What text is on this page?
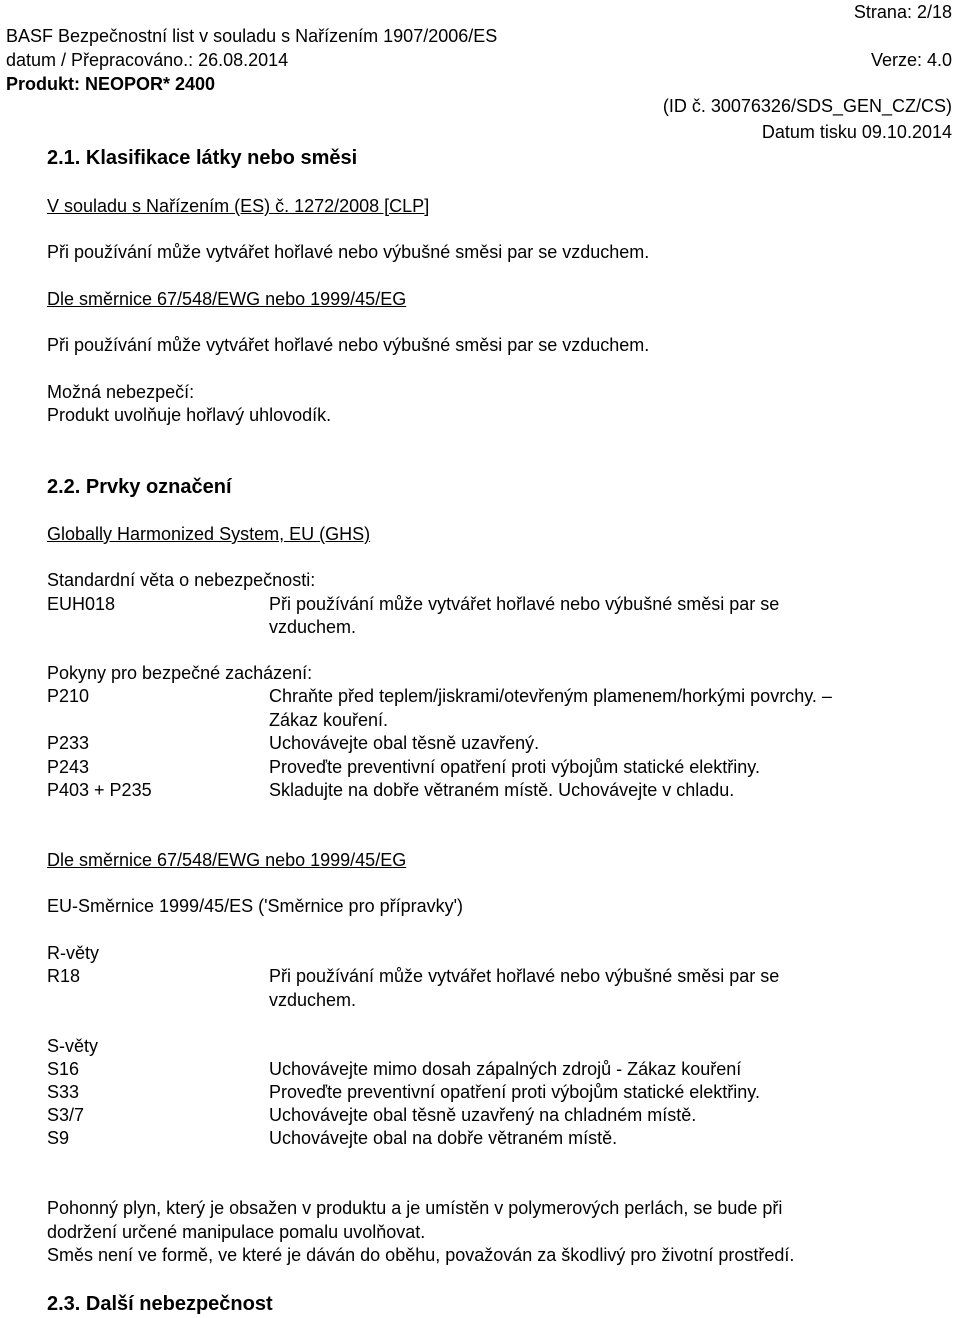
Strana: 2/18
BASF Bezpečnostní list v souladu s Nařízením 1907/2006/ES
datum / Přepracováno.: 26.08.2014	Verze: 4.0
Produkt: NEOPOR* 2400
(ID č. 30076326/SDS_GEN_CZ/CS)
Datum tisku 09.10.2014
2.1. Klasifikace látky nebo směsi
V souladu s Nařízením (ES) č. 1272/2008 [CLP]
Při používání může vytvářet hořlavé nebo výbušné směsi par se vzduchem.
Dle směrnice 67/548/EWG nebo 1999/45/EG
Při používání může vytvářet hořlavé nebo výbušné směsi par se vzduchem.
Možná nebezpečí:
Produkt uvolňuje hořlavý uhlovodík.
2.2. Prvky označení
Globally Harmonized System, EU (GHS)
Standardní věta o nebezpečnosti:
EUH018	Při používání může vytvářet hořlavé nebo výbušné směsi par se
vzduchem.
Pokyny pro bezpečné zacházení:
P210	Chraňte před teplem/jiskrami/otevřeným plamenem/horkými povrchy. –
Zákaz kouření.
P233	Uchovávejte obal těsně uzavřený.
P243	Proveďte preventivní opatření proti výbojům statické elektřiny.
P403 + P235	Skladujte na dobře větraném místě. Uchovávejte v chladu.
Dle směrnice 67/548/EWG nebo 1999/45/EG
EU-Směrnice 1999/45/ES ('Směrnice pro přípravky')
R-věty
R18	Při používání může vytvářet hořlavé nebo výbušné směsi par se
vzduchem.
S-věty
S16	Uchovávejte mimo dosah zápalných zdrojů - Zákaz kouření
S33	Proveďte preventivní opatření proti výbojům statické elektřiny.
S3/7	Uchovávejte obal těsně uzavřený na chladném místě.
S9	Uchovávejte obal na dobře větraném místě.
Pohonný plyn, který je obsažen v produktu a je umístěn v polymerových perlách, se bude při
dodržení určené manipulace pomalu uvolňovat.
Směs není ve formě, ve které je dáván do oběhu, považován za škodlivý pro životní prostředí.
2.3. Další nebezpečnost
